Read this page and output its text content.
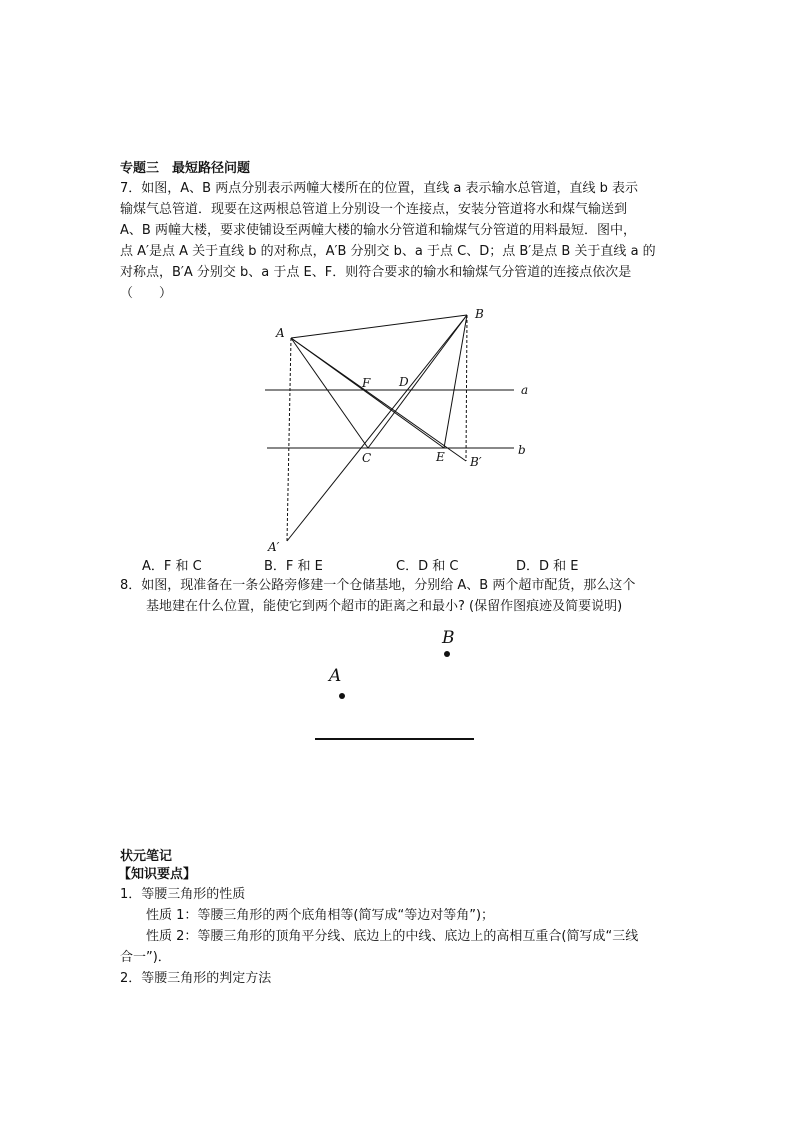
专题三　最短路径问题
7．如图，A、B 两点分别表示两幢大楼所在的位置，直线 a 表示输水总管道，直线 b 表示
输煤气总管道．现要在这两根总管道上分别设一个连接点，安装分管道将水和煤气输送到
A、B 两幢大楼，要求使铺设至两幢大楼的输水分管道和输煤气分管道的用料最短．图中，
点 A′是点 A 关于直线 b 的对称点，A′B 分别交 b、a 于点 C、D；点 B′是点 B 关于直线 a 的
对称点，B′A 分别交 b、a 于点 E、F．则符合要求的输水和输煤气分管道的连接点依次是
（　　）
A
B
F D
a
C	E B′
b
A′
A．F 和 C	B．F 和 E	C．D 和 C	D．D 和 E
8．如图，现准备在一条公路旁修建一个仓储基地，分别给 A、B 两个超市配货，那么这个
　　基地建在什么位置，能使它到两个超市的距离之和最小? (保留作图痕迹及简要说明)
A
B
状元笔记
【知识要点】
1．等腰三角形的性质
　　性质 1：等腰三角形的两个底角相等(简写成“等边对等角”)；
　　性质 2：等腰三角形的顶角平分线、底边上的中线、底边上的高相互重合(简写成“三线
合一”)．
2．等腰三角形的判定方法
